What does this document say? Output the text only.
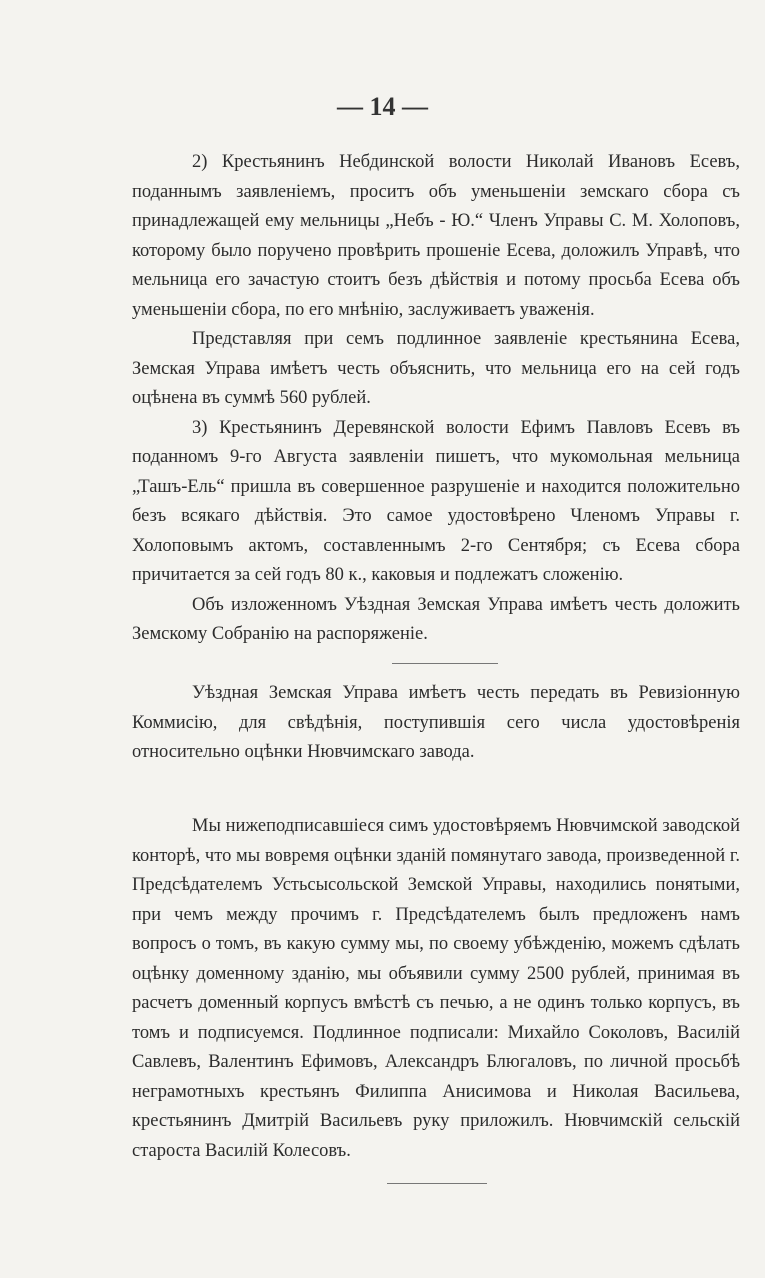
— 14 —

2) Крестьянинъ Небдинской волости Николай Ивановъ Есевъ, поданнымъ заявленіемъ, проситъ объ уменьшеніи земскаго сбора съ принадлежащей ему мельницы „Небъ - Ю.“ Членъ Управы С. М. Холоповъ, которому было поручено провѣрить прошеніе Есева, доложилъ Управѣ, что мельница его зачастую стоитъ безъ дѣйствія и потому просьба Есева объ уменьшеніи сбора, по его мнѣнію, заслуживаетъ уваженія.

Представляя при семъ подлинное заявленіе крестьянина Есева, Земская Управа имѣетъ честь объяснить, что мельница его на сей годъ оцѣнена въ суммѣ 560 рублей.

3) Крестьянинъ Деревянской волости Ефимъ Павловъ Есевъ въ поданномъ 9-го Августа заявленіи пишетъ, что мукомольная мельница „Ташъ-Ель“ пришла въ совершенное разрушеніе и находится положительно безъ всякаго дѣйствія. Это самое удостовѣрено Членомъ Управы г. Холоповымъ актомъ, составленнымъ 2-го Сентября; съ Есева сбора причитается за сей годъ 80 к., каковыя и подлежатъ сложенію.

Объ изложенномъ Уѣздная Земская Управа имѣетъ честь доложить Земскому Собранію на распоряженіе.

Уѣздная Земская Управа имѣетъ честь передать въ Ревизіонную Коммисію, для свѣдѣнія, поступившія сего числа удостовѣренія относительно оцѣнки Нювчимскаго завода.

Мы нижеподписавшіеся симъ удостовѣряемъ Нювчимской заводской конторѣ, что мы вовремя оцѣнки зданій помянутаго завода, произведенной г. Предсѣдателемъ Устьсысольской Земской Управы, находились понятыми, при чемъ между прочимъ г. Предсѣдателемъ былъ предложенъ намъ вопросъ о томъ, въ какую сумму мы, по своему убѣжденію, можемъ сдѣлать оцѣнку доменному зданію, мы объявили сумму 2500 рублей, принимая въ расчетъ доменный корпусъ вмѣстѣ съ печью, а не одинъ только корпусъ, въ томъ и подписуемся. Подлинное подписали: Михайло Соколовъ, Василій Савлевъ, Валентинъ Ефимовъ, Александръ Блюгаловъ, по личной просьбѣ неграмотныхъ крестьянъ Филиппа Анисимова и Николая Васильева, крестьянинъ Дмитрій Васильевъ руку приложилъ. Нювчимскій сельскій староста Василій Колесовъ.
